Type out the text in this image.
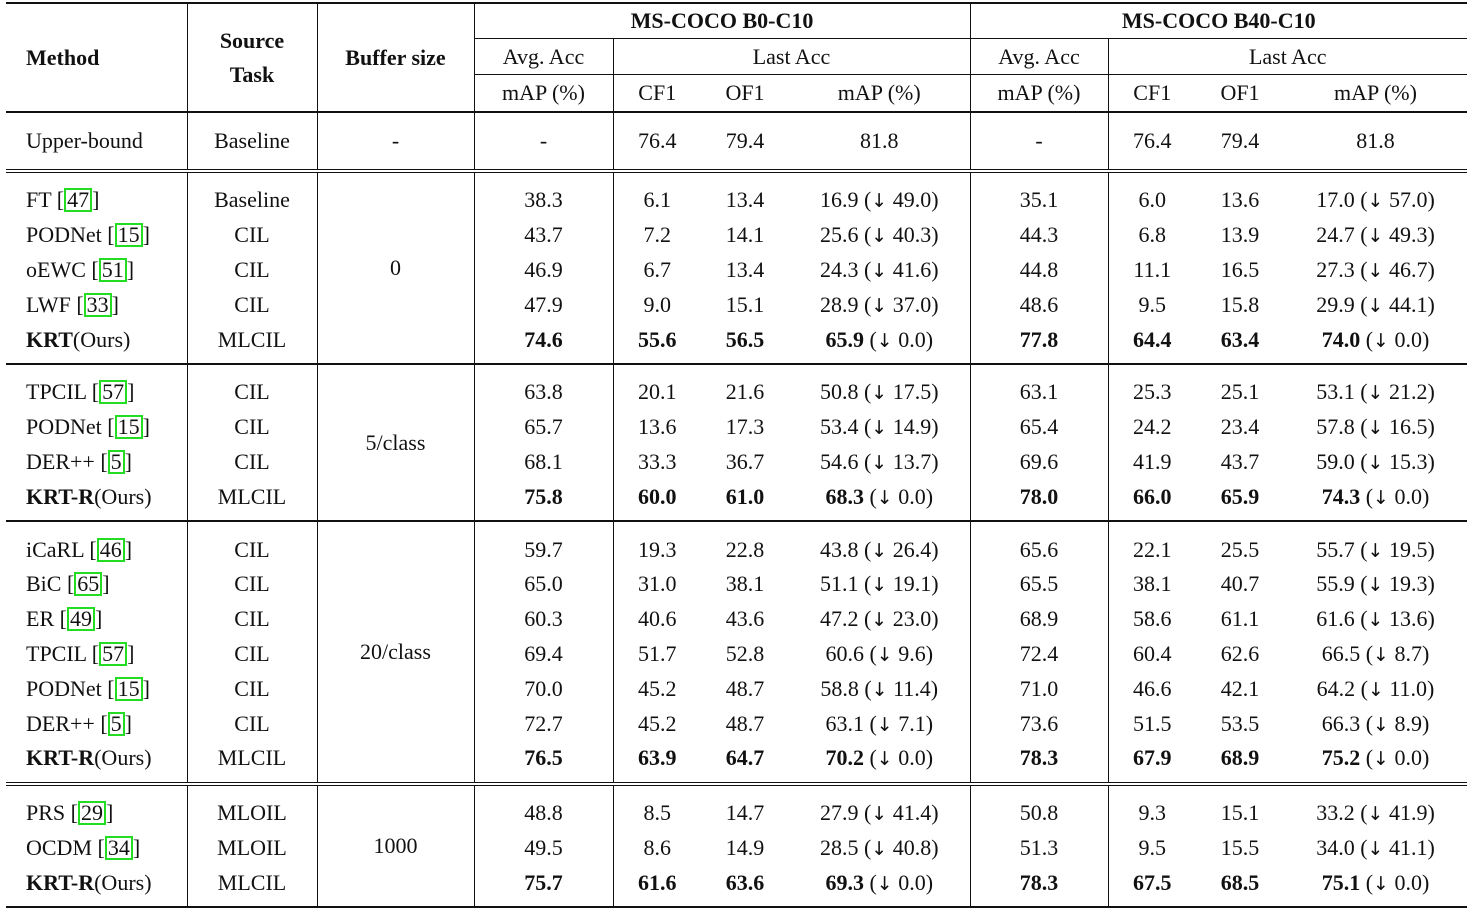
Method	Source Task	Buffer size	MS-COCO B0-C10				MS-COCO B40-C10			
			Avg. Acc	Last Acc			Avg. Acc	Last Acc		
			mAP (%)	CF1	OF1	mAP (%)	mAP (%)	CF1	OF1	mAP (%)
Upper-bound	Baseline	-	-	76.4	79.4	81.8	-	76.4	79.4	81.8
FT [ 47 ]	Baseline	0	38.3	6.1	13.4	16.9 (↓ 49.0)	35.1	6.0	13.6	17.0 (↓ 57.0)
PODNet [ 15 ]	CIL		43.7	7.2	14.1	25.6 (↓ 40.3)	44.3	6.8	13.9	24.7 (↓ 49.3)
oEWC [ 51 ]	CIL		46.9	6.7	13.4	24.3 (↓ 41.6)	44.8	11.1	16.5	27.3 (↓ 46.7)
LWF [ 33 ]	CIL		47.9	9.0	15.1	28.9 (↓ 37.0)	48.6	9.5	15.8	29.9 (↓ 44.1)
KRT(Ours)	MLCIL		74.6	55.6	56.5	65.9 (↓ 0.0)	77.8	64.4	63.4	74.0 (↓ 0.0)
TPCIL [ 57 ]	CIL	5/class	63.8	20.1	21.6	50.8 (↓ 17.5)	63.1	25.3	25.1	53.1 (↓ 21.2)
PODNet [ 15 ]	CIL		65.7	13.6	17.3	53.4 (↓ 14.9)	65.4	24.2	23.4	57.8 (↓ 16.5)
DER++ [ 5 ]	CIL		68.1	33.3	36.7	54.6 (↓ 13.7)	69.6	41.9	43.7	59.0 (↓ 15.3)
KRT-R(Ours)	MLCIL		75.8	60.0	61.0	68.3 (↓ 0.0)	78.0	66.0	65.9	74.3 (↓ 0.0)
iCaRL [ 46 ]	CIL	20/class	59.7	19.3	22.8	43.8 (↓ 26.4)	65.6	22.1	25.5	55.7 (↓ 19.5)
BiC [ 65 ]	CIL		65.0	31.0	38.1	51.1 (↓ 19.1)	65.5	38.1	40.7	55.9 (↓ 19.3)
ER [ 49 ]	CIL		60.3	40.6	43.6	47.2 (↓ 23.0)	68.9	58.6	61.1	61.6 (↓ 13.6)
TPCIL [ 57 ]	CIL		69.4	51.7	52.8	60.6 (↓ 9.6)	72.4	60.4	62.6	66.5 (↓ 8.7)
PODNet [ 15 ]	CIL		70.0	45.2	48.7	58.8 (↓ 11.4)	71.0	46.6	42.1	64.2 (↓ 11.0)
DER++ [ 5 ]	CIL		72.7	45.2	48.7	63.1 (↓ 7.1)	73.6	51.5	53.5	66.3 (↓ 8.9)
KRT-R(Ours)	MLCIL		76.5	63.9	64.7	70.2 (↓ 0.0)	78.3	67.9	68.9	75.2 (↓ 0.0)
PRS [ 29 ]	MLOIL	1000	48.8	8.5	14.7	27.9 (↓ 41.4)	50.8	9.3	15.1	33.2 (↓ 41.9)
OCDM [ 34 ]	MLOIL		49.5	8.6	14.9	28.5 (↓ 40.8)	51.3	9.5	15.5	34.0 (↓ 41.1)
KRT-R(Ours)	MLCIL		75.7	61.6	63.6	69.3 (↓ 0.0)	78.3	67.5	68.5	75.1 (↓ 0.0)
